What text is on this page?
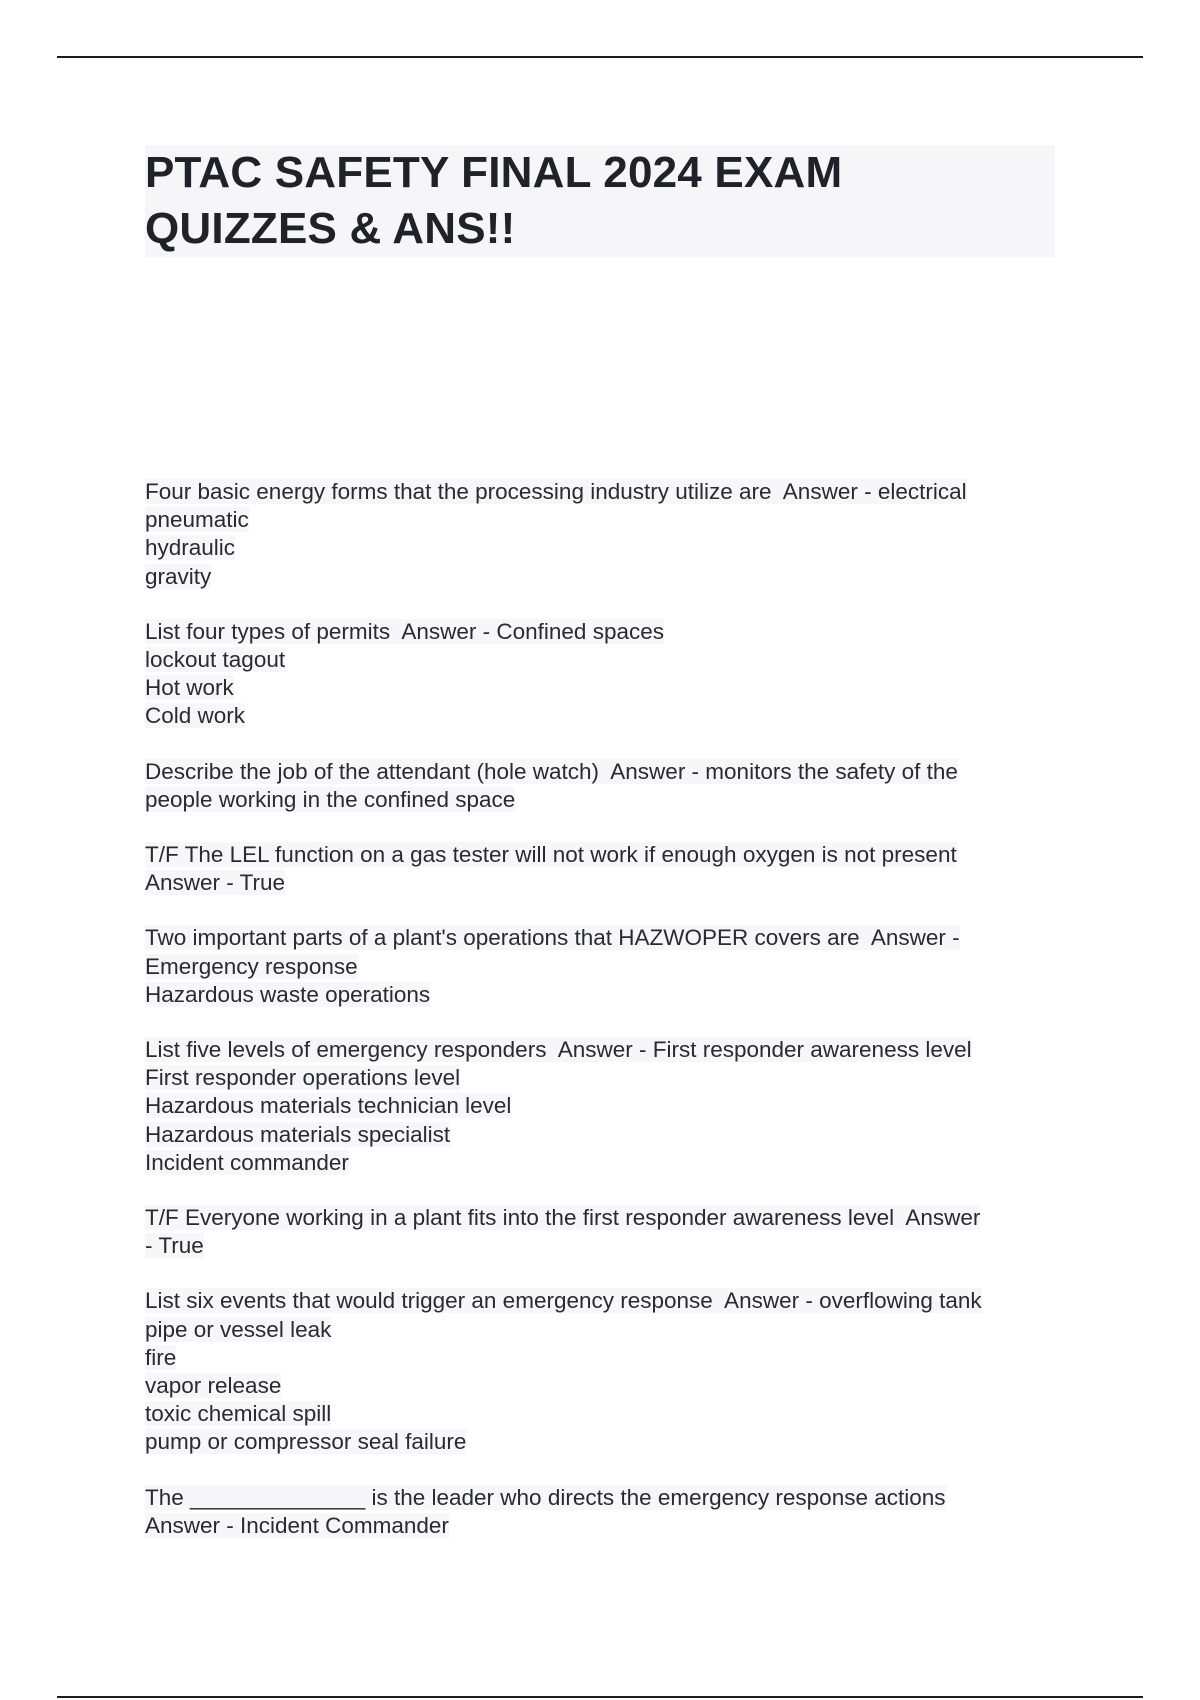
PTAC SAFETY FINAL 2024 EXAM
QUIZZES & ANS!!
Four basic energy forms that the processing industry utilize are  Answer - electrical
pneumatic
hydraulic
gravity
List four types of permits  Answer - Confined spaces
lockout tagout
Hot work
Cold work
Describe the job of the attendant (hole watch)  Answer - monitors the safety of the
people working in the confined space
T/F The LEL function on a gas tester will not work if enough oxygen is not present
Answer - True
Two important parts of a plant's operations that HAZWOPER covers are  Answer -
Emergency response
Hazardous waste operations
List five levels of emergency responders  Answer - First responder awareness level
First responder operations level
Hazardous materials technician level
Hazardous materials specialist
Incident commander
T/F Everyone working in a plant fits into the first responder awareness level  Answer
- True
List six events that would trigger an emergency response  Answer - overflowing tank
pipe or vessel leak
fire
vapor release
toxic chemical spill
pump or compressor seal failure
The ______________ is the leader who directs the emergency response actions
Answer - Incident Commander
